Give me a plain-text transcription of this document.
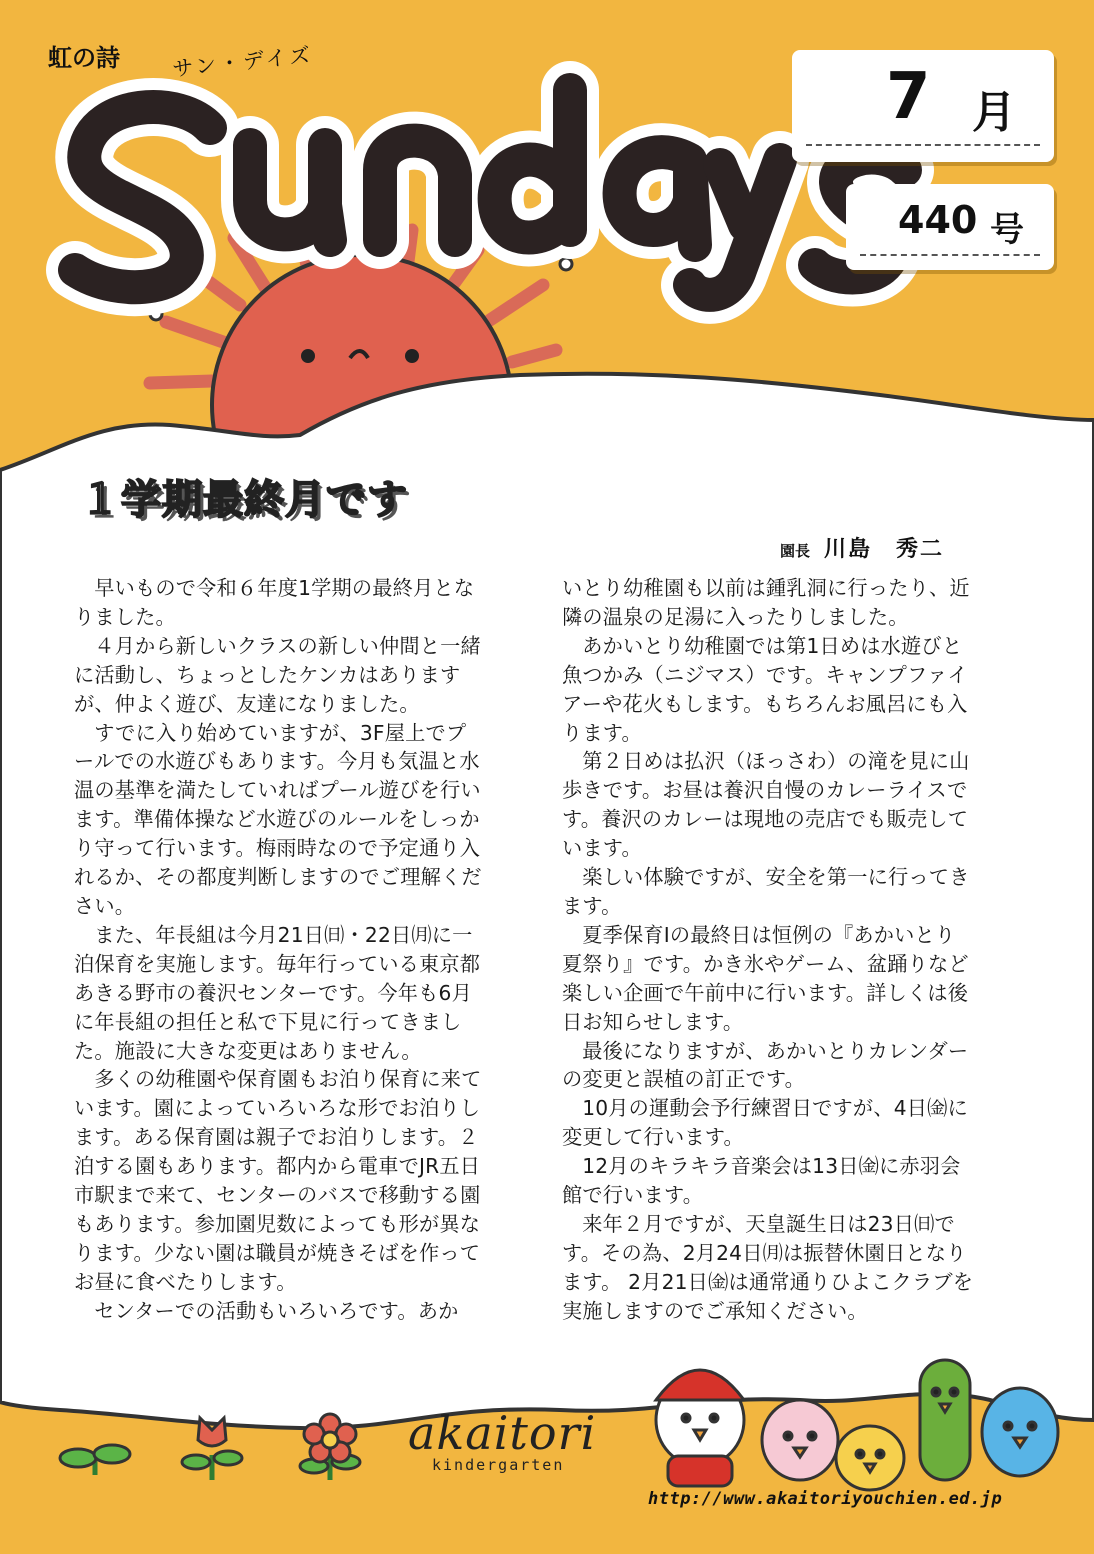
虹の詩 サン・デイズ	7 月
440 号
１学期最終月です
園長 川島　秀二

早いもので令和６年度1学期の最終月となりました。

４月から新しいクラスの新しい仲間と一緒に活動し、ちょっとしたケンカはありますが、仲よく遊び、友達になりました。

すでに入り始めていますが、3F屋上でプールでの水遊びもあります。今月も気温と水温の基準を満たしていればプール遊びを行います。準備体操など水遊びのルールをしっかり守って行います。梅雨時なので予定通り入れるか、その都度判断しますのでご理解ください。

また、年長組は今月21日㈰・22日㈪に一泊保育を実施します。毎年行っている東京都あきる野市の養沢センターです。今年も6月に年長組の担任と私で下見に行ってきました。施設に大きな変更はありません。

多くの幼稚園や保育園もお泊り保育に来ています。園によっていろいろな形でお泊りします。ある保育園は親子でお泊りします。２泊する園もあります。都内から電車でJR五日市駅まで来て、センターのバスで移動する園もあります。参加園児数によっても形が異なります。少ない園は職員が焼きそばを作ってお昼に食べたりします。

センターでの活動もいろいろです。あか

いとり幼稚園も以前は鍾乳洞に行ったり、近隣の温泉の足湯に入ったりしました。

あかいとり幼稚園では第1日めは水遊びと魚つかみ（ニジマス）です。キャンプファイアーや花火もします。もちろんお風呂にも入ります。

第２日めは払沢（ほっさわ）の滝を見に山歩きです。お昼は養沢自慢のカレーライスです。養沢のカレーは現地の売店でも販売しています。

楽しい体験ですが、安全を第一に行ってきます。

夏季保育Ⅰの最終日は恒例の『あかいとり夏祭り』です。かき氷やゲーム、盆踊りなど楽しい企画で午前中に行います。詳しくは後日お知らせします。

最後になりますが、あかいとりカレンダーの変更と誤植の訂正です。

10月の運動会予行練習日ですが、4日㈮に変更して行います。

12月のキラキラ音楽会は13日㈮に赤羽会館で行います。

来年２月ですが、天皇誕生日は23日㈰です。その為、2月24日㈪は振替休園日となります。 2月21日㈮は通常通りひよこクラブを実施しますのでご承知ください。

akaitori
kindergarten
http://www.akaitoriyouchien.ed.jp
